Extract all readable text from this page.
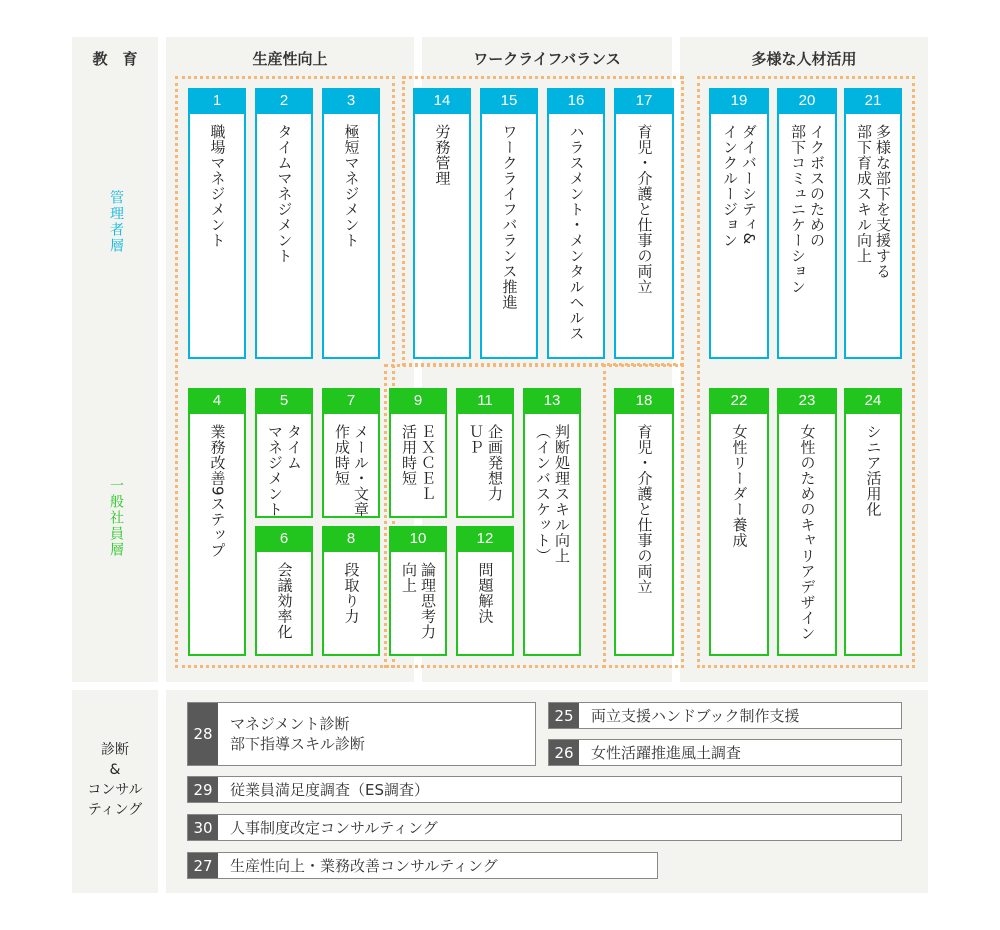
教　育	生産性向上	ワークライフバランス	多様な人材活用
管理者層
一般社員層
診断
&
コンサル
ティング
1
職場マネジメント
2
タイムマネジメント
3
極短マネジメント
14
労務管理
15
ワークライフバランス推進
16
ハラスメント・メンタルヘルス
17
育児・介護と仕事の両立
19
ダイバーシティ&
インクルージョン
20
イクボスのための
部下コミュニケーション
21
多様な部下を支援する
部下育成スキル向上
4
業務改善9ステップ
5
タイム
マネジメント
6
会議効率化
7
メール・文章
作成時短
8
段取り力
9
ＥＸＣＥＬ
活用時短
10
論理思考力
向上
11
企画発想力
ＵＰ
12
問題解決
13
判断処理スキル向上
（インバスケット）
18
育児・介護と仕事の両立
22
女性リーダー養成
23
女性のためのキャリアデザイン
24
シニア活用化
28
マネジメント診断
部下指導スキル診断
25	両立支援ハンドブック制作支援
26	女性活躍推進風土調査
29	従業員満足度調査（ES調査）
30	人事制度改定コンサルティング
27	生産性向上・業務改善コンサルティング
